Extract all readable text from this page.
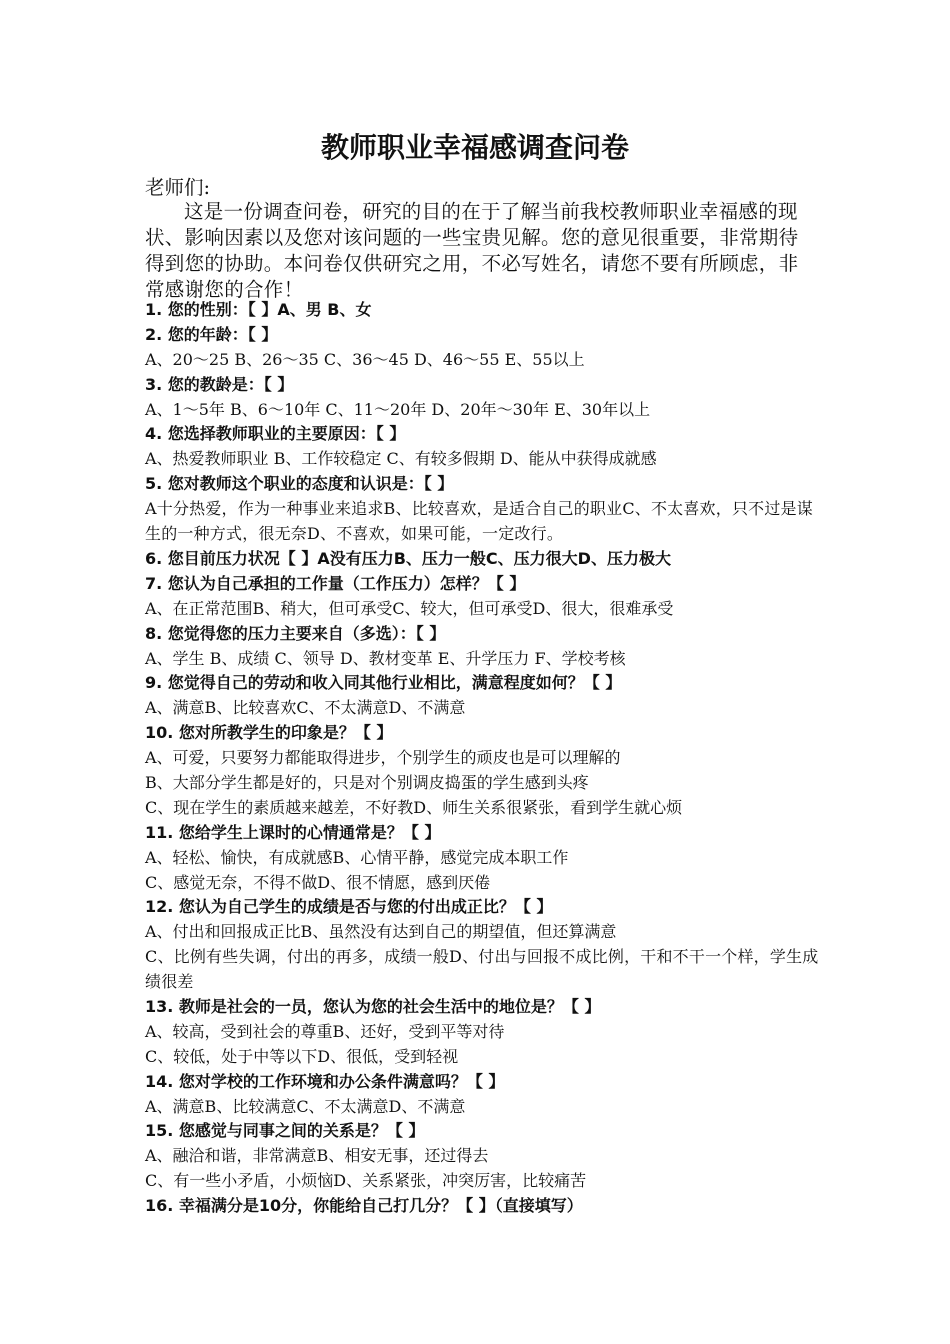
教师职业幸福感调查问卷
老师们:
这是一份调查问卷，研究的目的在于了解当前我校教师职业幸福感的现状、影响因素以及您对该问题的一些宝贵见解。您的意见很重要，非常期待得到您的协助。本问卷仅供研究之用，不必写姓名，请您不要有所顾虑，非常感谢您的合作！
1. 您的性别：【 】A、男 B、女
2. 您的年龄：【 】
A、20～25 B、26～35 C、36～45 D、46～55 E、55以上
3. 您的教龄是：【 】
A、1～5年 B、6～10年 C、11～20年 D、20年～30年 E、30年以上
4. 您选择教师职业的主要原因：【 】
A、热爱教师职业 B、工作较稳定 C、有较多假期 D、能从中获得成就感
5. 您对教师这个职业的态度和认识是：【 】
A十分热爱，作为一种事业来追求B、比较喜欢，是适合自己的职业C、不太喜欢，只不过是谋生的一种方式，很无奈D、不喜欢，如果可能，一定改行。
6. 您目前压力状况【 】A没有压力B、压力一般C、压力很大D、压力极大
7. 您认为自己承担的工作量（工作压力）怎样？【 】
A、在正常范围B、稍大，但可承受C、较大，但可承受D、很大，很难承受
8. 您觉得您的压力主要来自（多选）：【 】
A、学生 B、成绩 C、领导 D、教材变革 E、升学压力 F、学校考核
9. 您觉得自己的劳动和收入同其他行业相比，满意程度如何？【 】
A、满意B、比较喜欢C、不太满意D、不满意
10. 您对所教学生的印象是？【 】
A、可爱，只要努力都能取得进步，个别学生的顽皮也是可以理解的
B、大部分学生都是好的，只是对个别调皮捣蛋的学生感到头疼
C、现在学生的素质越来越差，不好教D、师生关系很紧张，看到学生就心烦
11. 您给学生上课时的心情通常是？【 】
A、轻松、愉快，有成就感B、心情平静，感觉完成本职工作
C、感觉无奈，不得不做D、很不情愿，感到厌倦
12. 您认为自己学生的成绩是否与您的付出成正比？【 】
A、付出和回报成正比B、虽然没有达到自己的期望值，但还算满意
C、比例有些失调，付出的再多，成绩一般D、付出与回报不成比例，干和不干一个样，学生成绩很差
13. 教师是社会的一员，您认为您的社会生活中的地位是？【 】
A、较高，受到社会的尊重B、还好，受到平等对待
C、较低，处于中等以下D、很低，受到轻视
14. 您对学校的工作环境和办公条件满意吗？【 】
A、满意B、比较满意C、不太满意D、不满意
15. 您感觉与同事之间的关系是？【 】
A、融洽和谐，非常满意B、相安无事，还过得去
C、有一些小矛盾，小烦恼D、关系紧张，冲突厉害，比较痛苦
16. 幸福满分是10分，你能给自己打几分？【 】（直接填写）
